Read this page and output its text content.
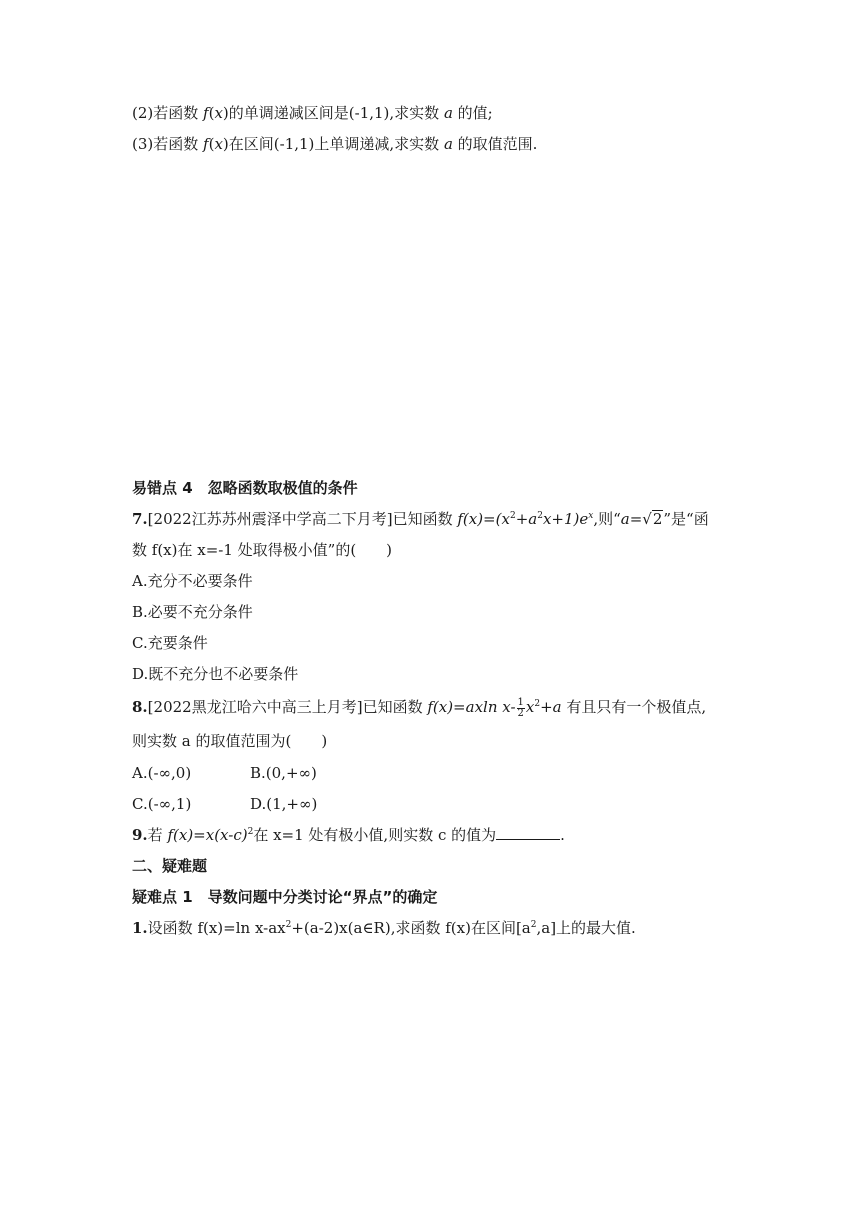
(2)若函数 f(x)的单调递减区间是(-1,1),求实数 a 的值;
(3)若函数 f(x)在区间(-1,1)上单调递减,求实数 a 的取值范围.
易错点 4　忽略函数取极值的条件
7.[2022江苏苏州震泽中学高二下月考]已知函数 $f(x)=(x^2+a^2x+1)e^x$,则“a=√2”是“函
数 f(x)在 x=-1 处取得极小值”的(　　)
A.充分不必要条件
B.必要不充分条件
C.充要条件
D.既不充分也不必要条件
8.[2022黑龙江哈六中高三上月考]已知函数 f(x)=axln $x- \frac{1}{2} x^2+a$ 有且只有一个极值点,
则实数 a 的取值范围为(　　)
A.(-∞,0)	B.(0,+∞)
C.(-∞,1)	D.(1,+∞)
9.若 $f(x)=x(x-c)^2$在 x=1 处有极小值,则实数 c 的值为	.
二、疑难题
疑难点 1　导数问题中分类讨论“界点”的确定
1.设函数 f(x)=ln $x-ax^2+(a-2)x(a\in R)$,求函数 f(x)在区间$[a^2,a]$上的最大值.
